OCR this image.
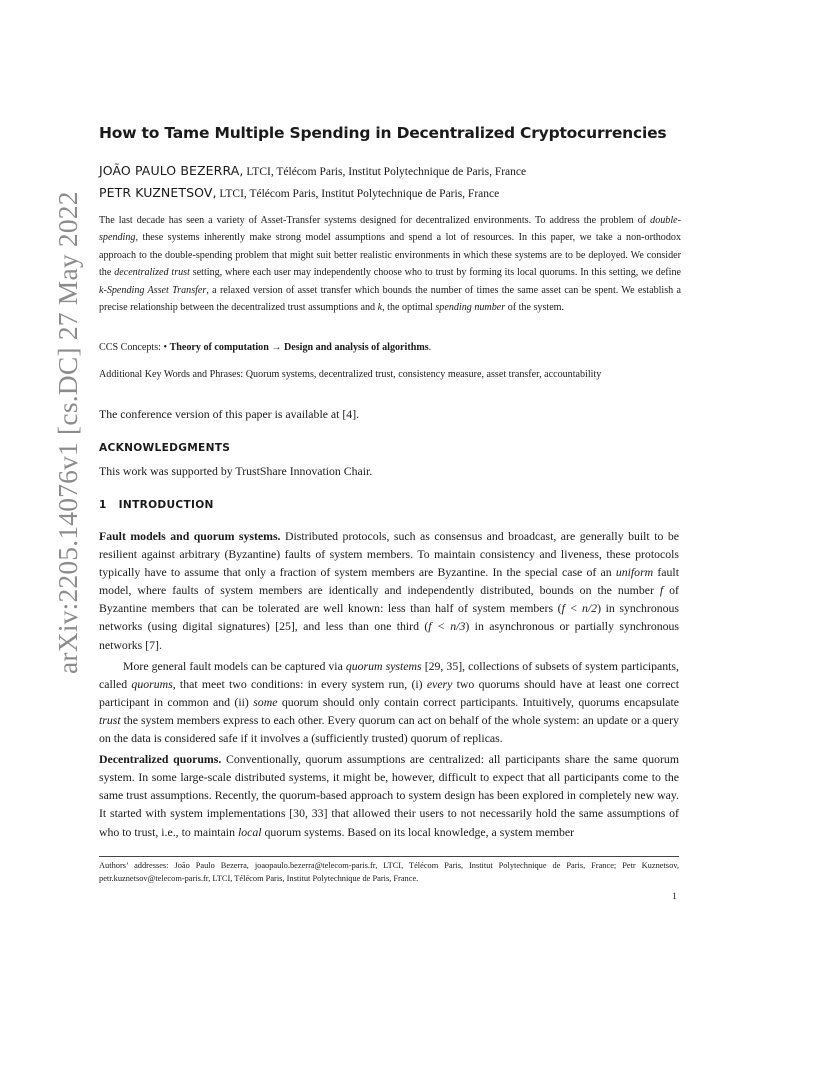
arXiv:2205.14076v1 [cs.DC] 27 May 2022
How to Tame Multiple Spending in Decentralized Cryptocurrencies
JOÃO PAULO BEZERRA, LTCI, Télécom Paris, Institut Polytechnique de Paris, France
PETR KUZNETSOV, LTCI, Télécom Paris, Institut Polytechnique de Paris, France
The last decade has seen a variety of Asset-Transfer systems designed for decentralized environments. To address the problem of double-spending, these systems inherently make strong model assumptions and spend a lot of resources. In this paper, we take a non-orthodox approach to the double-spending problem that might suit better realistic environments in which these systems are to be deployed. We consider the decentralized trust setting, where each user may independently choose who to trust by forming its local quorums. In this setting, we define k-Spending Asset Transfer, a relaxed version of asset transfer which bounds the number of times the same asset can be spent. We establish a precise relationship between the decentralized trust assumptions and k, the optimal spending number of the system.
CCS Concepts: • Theory of computation → Design and analysis of algorithms.
Additional Key Words and Phrases: Quorum systems, decentralized trust, consistency measure, asset transfer, accountability
The conference version of this paper is available at [4].
ACKNOWLEDGMENTS
This work was supported by TrustShare Innovation Chair.
1 INTRODUCTION

Fault models and quorum systems. Distributed protocols, such as consensus and broadcast, are generally built to be resilient against arbitrary (Byzantine) faults of system members. To maintain consistency and liveness, these protocols typically have to assume that only a fraction of system members are Byzantine. In the special case of an uniform fault model, where faults of system members are identically and independently distributed, bounds on the number f of Byzantine members that can be tolerated are well known: less than half of system members (f < n/2) in synchronous networks (using digital signatures) [25], and less than one third (f < n/3) in asynchronous or partially synchronous networks [7].

More general fault models can be captured via quorum systems [29, 35], collections of subsets of system participants, called quorums, that meet two conditions: in every system run, (i) every two quorums should have at least one correct participant in common and (ii) some quorum should only contain correct participants. Intuitively, quorums encapsulate trust the system members express to each other. Every quorum can act on behalf of the whole system: an update or a query on the data is considered safe if it involves a (sufficiently trusted) quorum of replicas.

Decentralized quorums. Conventionally, quorum assumptions are centralized: all participants share the same quorum system. In some large-scale distributed systems, it might be, however, difficult to expect that all participants come to the same trust assumptions. Recently, the quorum-based approach to system design has been explored in completely new way. It started with system implementations [30, 33] that allowed their users to not necessarily hold the same assumptions of who to trust, i.e., to maintain local quorum systems. Based on its local knowledge, a system member

Authors’ addresses: João Paulo Bezerra, joaopaulo.bezerra@telecom-paris.fr, LTCI, Télécom Paris, Institut Polytechnique de Paris, France; Petr Kuznetsov, petr.kuznetsov@telecom-paris.fr, LTCI, Télécom Paris, Institut Polytechnique de Paris, France.
1
